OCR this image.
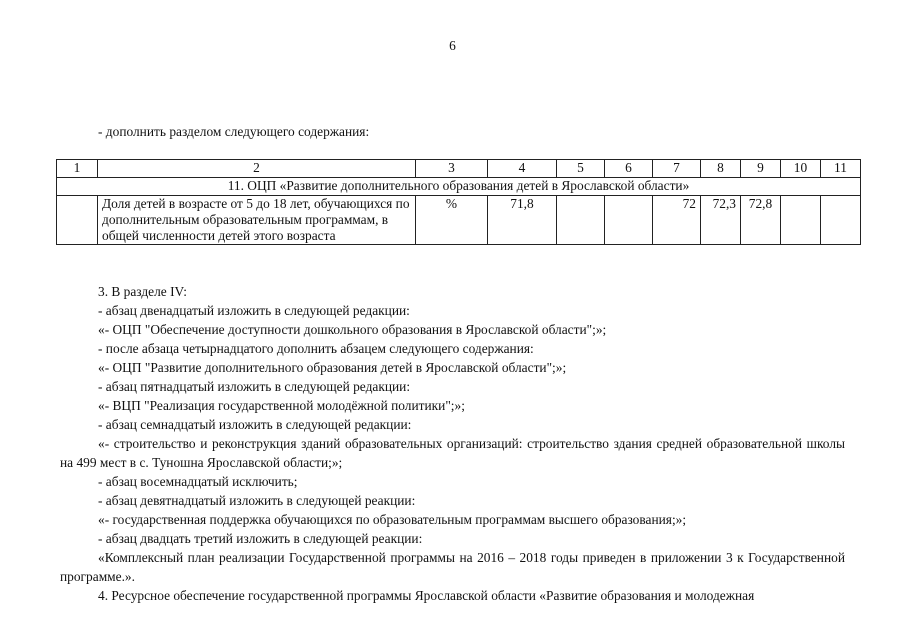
6
- дополнить разделом следующего содержания:
1	2	3	4	5	6	7	8	9	10	11
11. ОЦП «Развитие дополнительного образования детей в Ярославской области»										
	Доля детей в возрасте от 5 до 18 лет, обучающихся по дополнительным образовательным программам, в общей численности детей этого возраста	%	71,8			72	72,3	72,8		

3. В разделе IV:

- абзац двенадцатый изложить в следующей редакции:

«- ОЦП "Обеспечение доступности дошкольного образования в Ярославской области";»;

- после абзаца четырнадцатого дополнить абзацем следующего содержания:

«- ОЦП "Развитие дополнительного образования детей в Ярославской области";»;

- абзац пятнадцатый изложить в следующей редакции:

«- ВЦП "Реализация государственной молодёжной политики";»;

- абзац семнадцатый изложить в следующей редакции:

«- строительство и реконструкция зданий образовательных организаций: строительство здания средней образовательной школы на 499 мест в с. Туношна Ярославской области;»;

- абзац восемнадцатый исключить;

- абзац девятнадцатый изложить в следующей реакции:

«- государственная поддержка обучающихся по образовательным программам высшего образования;»;

- абзац двадцать третий изложить в следующей реакции:

«Комплексный план реализации Государственной программы на 2016 – 2018 годы приведен в приложении 3 к Государственной программе.».

4. Ресурсное обеспечение государственной программы Ярославской области «Развитие образования и молодежная
